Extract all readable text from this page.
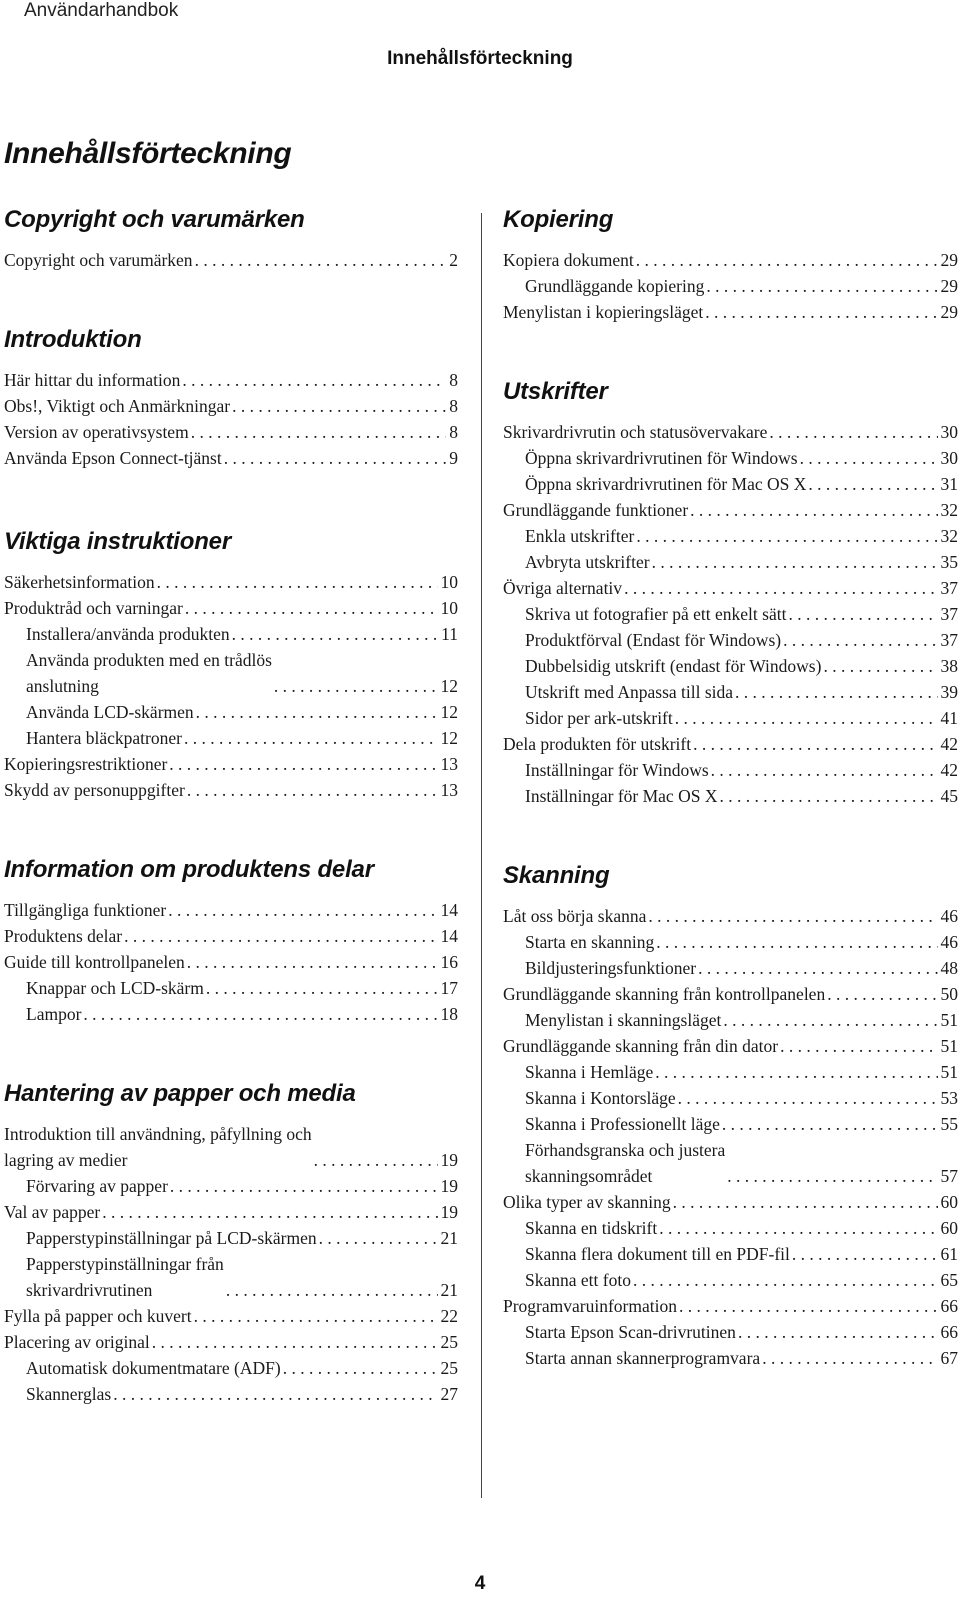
Användarhandbok
Innehållsförteckning
Innehållsförteckning
Copyright och varumärken
Copyright och varumärken . . .	2
Introduktion
Här hittar du information . . .	8
Obs!, Viktigt och Anmärkningar . . .	8
Version av operativsystem . . .	8
Använda Epson Connect-tjänst . . .	9
Viktiga instruktioner
Säkerhetsinformation . . .	10
Produktråd och varningar . . .	10
Installera/använda produkten . . .	11
Använda produkten med en trådlös
anslutning . . .	12
Använda LCD-skärmen . . .	12
Hantera bläckpatroner . . .	12
Kopieringsrestriktioner . . .	13
Skydd av personuppgifter . . .	13
Information om produktens delar
Tillgängliga funktioner . . .	14
Produktens delar . . .	14
Guide till kontrollpanelen . . .	16
Knappar och LCD-skärm . . .	17
Lampor . . .	18
Hantering av papper och media
Introduktion till användning, påfyllning och
lagring av medier . . .	19
Förvaring av papper . . .	19
Val av papper . . .	19
Papperstypinställningar på LCD-skärmen . . .	21
Papperstypinställningar från
skrivardrivrutinen . . .	21
Fylla på papper och kuvert . . .	22
Placering av original . . .	25
Automatisk dokumentmatare (ADF) . . .	25
Skannerglas . . .	27
Kopiering
Kopiera dokument . . .	29
Grundläggande kopiering . . .	29
Menylistan i kopieringsläget . . .	29
Utskrifter
Skrivardrivrutin och statusövervakare . . .	30
Öppna skrivardrivrutinen för Windows . . .	30
Öppna skrivardrivrutinen för Mac OS X . . .	31
Grundläggande funktioner . . .	32
Enkla utskrifter . . .	32
Avbryta utskrifter . . .	35
Övriga alternativ . . .	37
Skriva ut fotografier på ett enkelt sätt . . .	37
Produktförval (Endast för Windows) . . .	37
Dubbelsidig utskrift (endast för Windows) . . .	38
Utskrift med Anpassa till sida . . .	39
Sidor per ark-utskrift . . .	41
Dela produkten för utskrift . . .	42
Inställningar för Windows . . .	42
Inställningar för Mac OS X . . .	45
Skanning
Låt oss börja skanna . . .	46
Starta en skanning . . .	46
Bildjusteringsfunktioner . . .	48
Grundläggande skanning från kontrollpanelen . . .	50
Menylistan i skanningsläget . . .	51
Grundläggande skanning från din dator . . .	51
Skanna i Hemläge . . .	51
Skanna i Kontorsläge . . .	53
Skanna i Professionellt läge . . .	55
Förhandsgranska och justera
skanningsområdet . . .	57
Olika typer av skanning . . .	60
Skanna en tidskrift . . .	60
Skanna flera dokument till en PDF-fil . . .	61
Skanna ett foto . . .	65
Programvaruinformation . . .	66
Starta Epson Scan-drivrutinen . . .	66
Starta annan skannerprogramvara . . .	67
4
